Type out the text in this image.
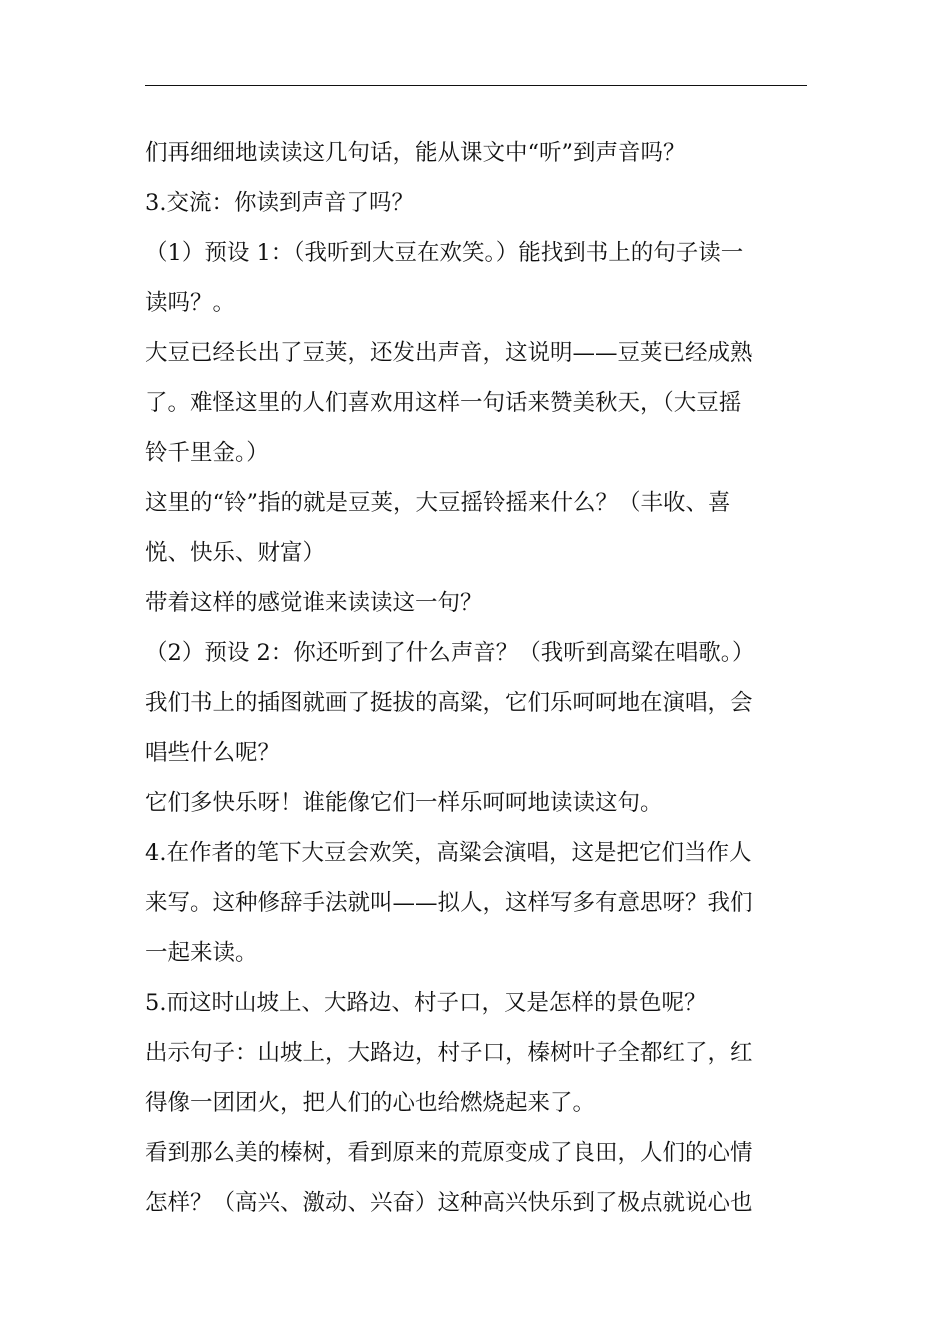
们再细细地读读这几句话，能从课文中“听”到声音吗？

3.交流：你读到声音了吗？

（1）预设 1：（我听到大豆在欢笑。）能找到书上的句子读一

读吗？。

大豆已经长出了豆荚，还发出声音，这说明——豆荚已经成熟

了。难怪这里的人们喜欢用这样一句话来赞美秋天，（大豆摇

铃千里金。）

这里的“铃”指的就是豆荚，大豆摇铃摇来什么？（丰收、喜

悦、快乐、财富）

带着这样的感觉谁来读读这一句？

（2）预设 2：你还听到了什么声音？（我听到高粱在唱歌。）

我们书上的插图就画了挺拔的高粱，它们乐呵呵地在演唱，会

唱些什么呢？

它们多快乐呀！谁能像它们一样乐呵呵地读读这句。

4.在作者的笔下大豆会欢笑，高粱会演唱，这是把它们当作人

来写。这种修辞手法就叫——拟人，这样写多有意思呀？我们

一起来读。

5.而这时山坡上、大路边、村子口，又是怎样的景色呢？

出示句子：山坡上，大路边，村子口，榛树叶子全都红了，红

得像一团团火，把人们的心也给燃烧起来了。

看到那么美的榛树，看到原来的荒原变成了良田，人们的心情

怎样？（高兴、激动、兴奋）这种高兴快乐到了极点就说心也
